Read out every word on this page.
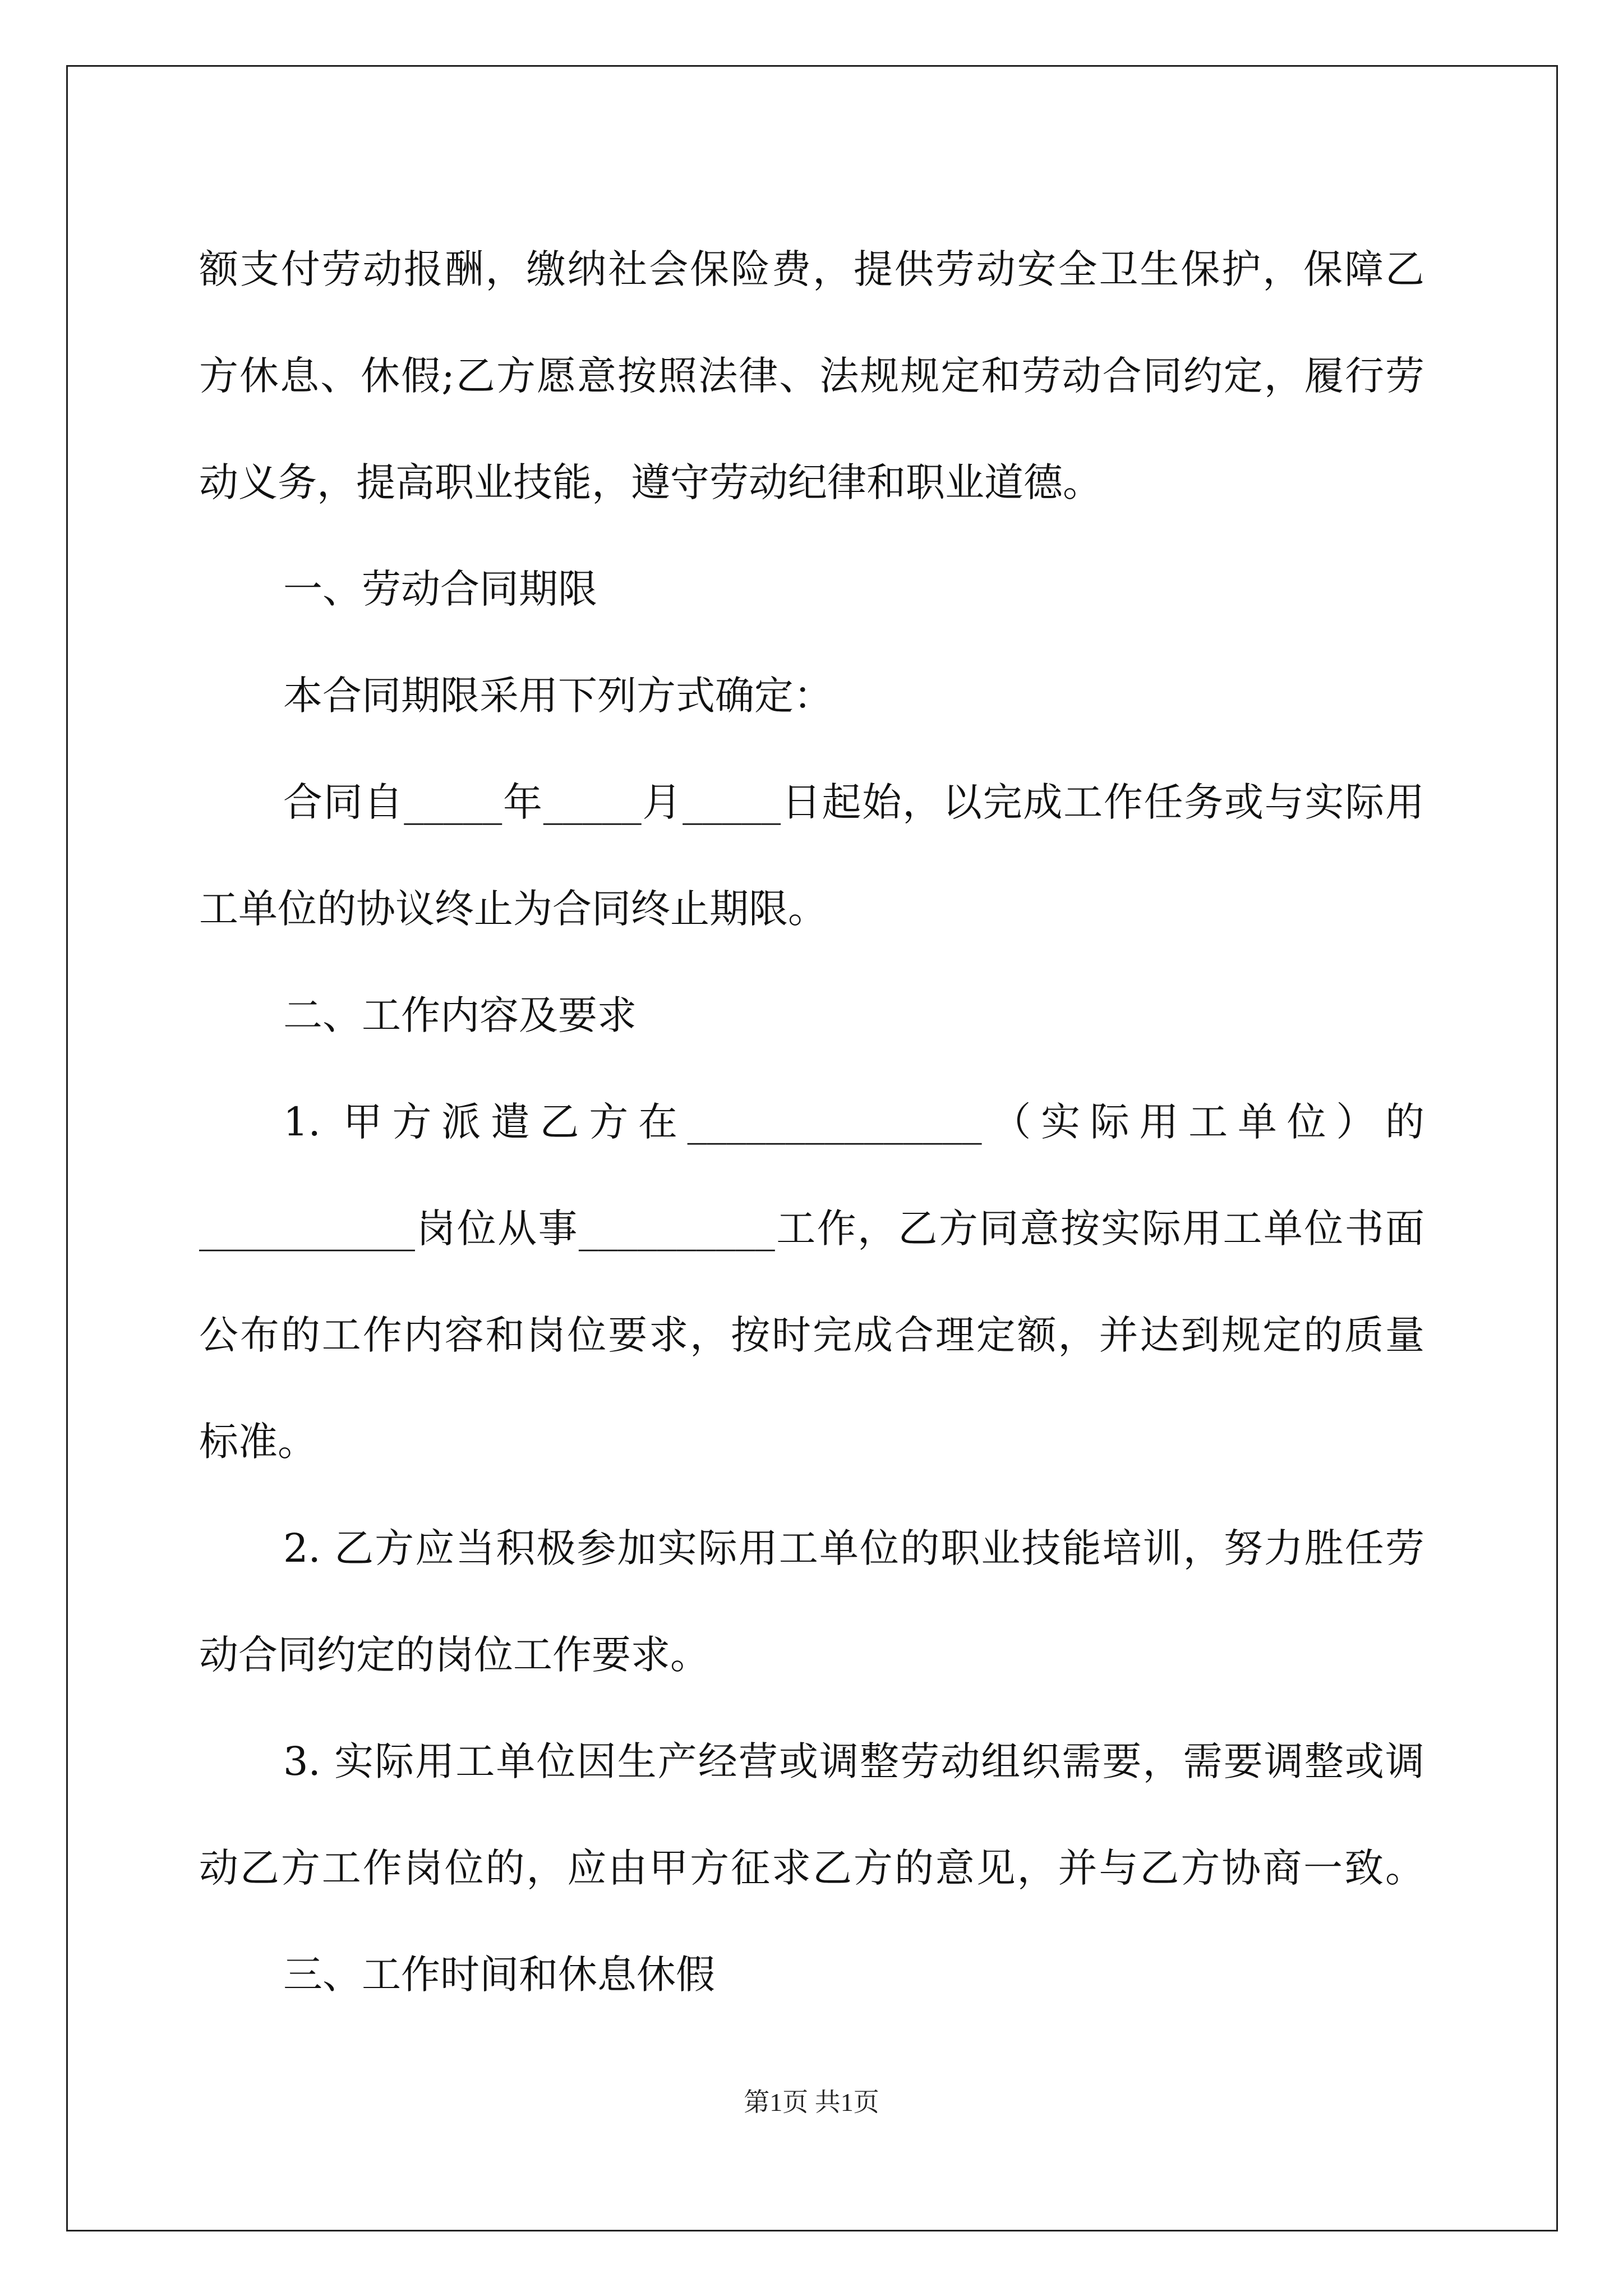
额支付劳动报酬，缴纳社会保险费，提供劳动安全卫生保护，保障乙
方休息、休假;乙方愿意按照法律、法规规定和劳动合同约定，履行劳
动义务，提高职业技能，遵守劳动纪律和职业道德。
一、劳动合同期限
本合同期限采用下列方式确定：
合同自_____年_____月_____日起始，以完成工作任务或与实际用
工单位的协议终止为合同终止期限。
二、工作内容及要求
1. 甲方派遣乙方在_______________（实际用工单位）的
___________岗位从事__________工作，乙方同意按实际用工单位书面
公布的工作内容和岗位要求，按时完成合理定额，并达到规定的质量
标准。
2. 乙方应当积极参加实际用工单位的职业技能培训，努力胜任劳
动合同约定的岗位工作要求。
3. 实际用工单位因生产经营或调整劳动组织需要，需要调整或调
动乙方工作岗位的，应由甲方征求乙方的意见，并与乙方协商一致。
三、工作时间和休息休假
第1页 共1页
